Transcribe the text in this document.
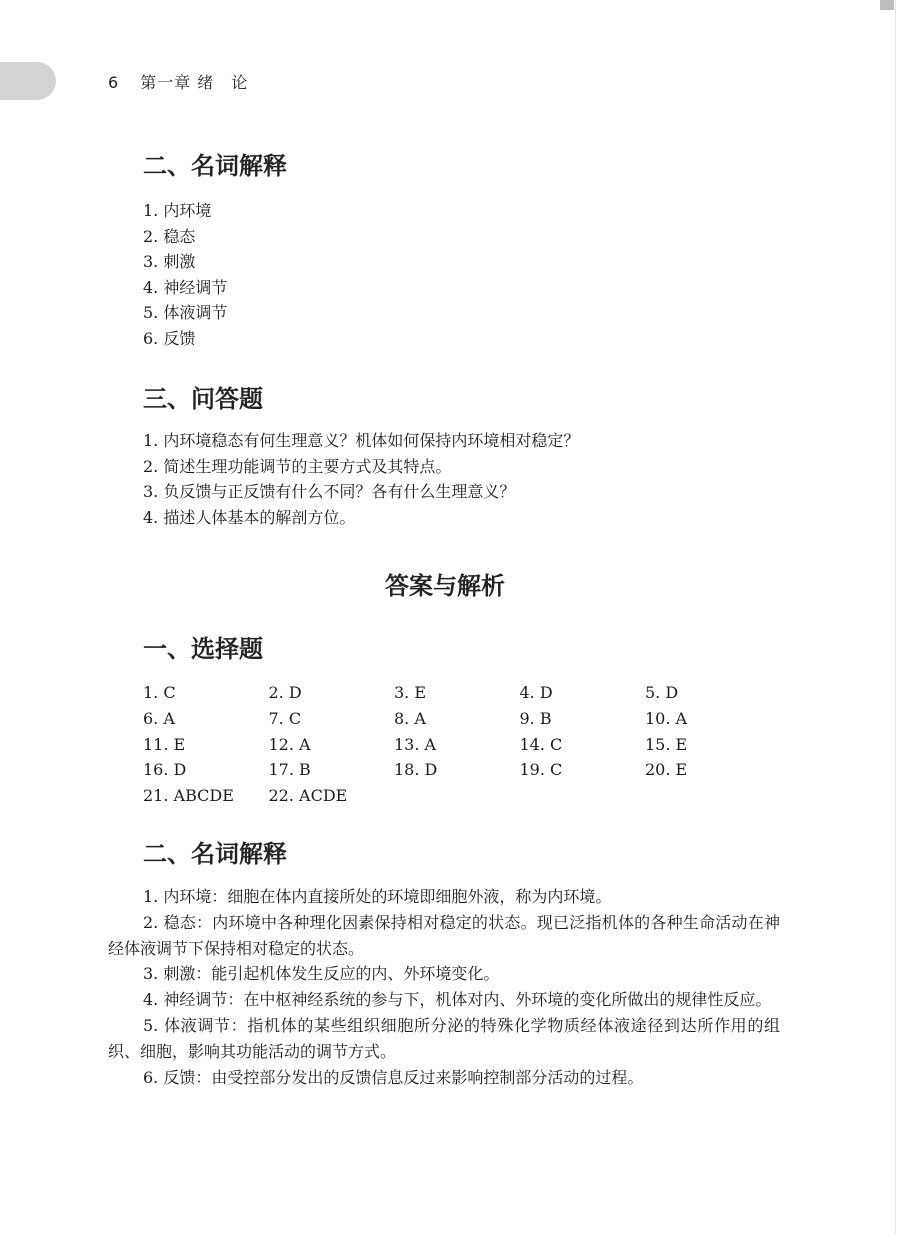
6 第一章 绪　论
二、名词解释
1. 内环境
2. 稳态
3. 刺激
4. 神经调节
5. 体液调节
6. 反馈
三、问答题
1. 内环境稳态有何生理意义？机体如何保持内环境相对稳定？
2. 简述生理功能调节的主要方式及其特点。
3. 负反馈与正反馈有什么不同？各有什么生理意义？
4. 描述人体基本的解剖方位。
答案与解析
一、选择题
1. C	2. D	3. E	4. D	5. D
6. A	7. C	8. A	9. B	10. A
11. E	12. A	13. A	14. C	15. E
16. D	17. B	18. D	19. C	20. E
21. ABCDE	22. ACDE
二、名词解释

1. 内环境：细胞在体内直接所处的环境即细胞外液，称为内环境。

2. 稳态：内环境中各种理化因素保持相对稳定的状态。现已泛指机体的各种生命活动在神经体液调节下保持相对稳定的状态。

3. 刺激：能引起机体发生反应的内、外环境变化。

4. 神经调节：在中枢神经系统的参与下，机体对内、外环境的变化所做出的规律性反应。

5. 体液调节：指机体的某些组织细胞所分泌的特殊化学物质经体液途径到达所作用的组织、细胞，影响其功能活动的调节方式。

6. 反馈：由受控部分发出的反馈信息反过来影响控制部分活动的过程。
